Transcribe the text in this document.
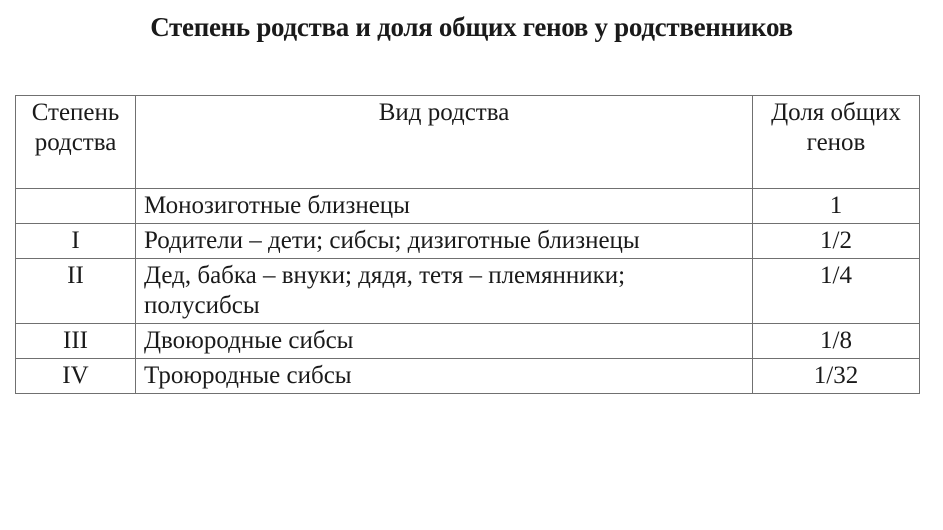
Степень родства и доля общих генов у родственников
Степень родства	Вид родства	Доля общих генов
	Монозиготные близнецы	1
I	Родители – дети; сибсы; дизиготные близнецы	1/2
II	Дед, бабка – внуки; дядя, тетя – племянники; полусибсы	1/4
III	Двоюродные сибсы	1/8
IV	Троюродные сибсы	1/32
